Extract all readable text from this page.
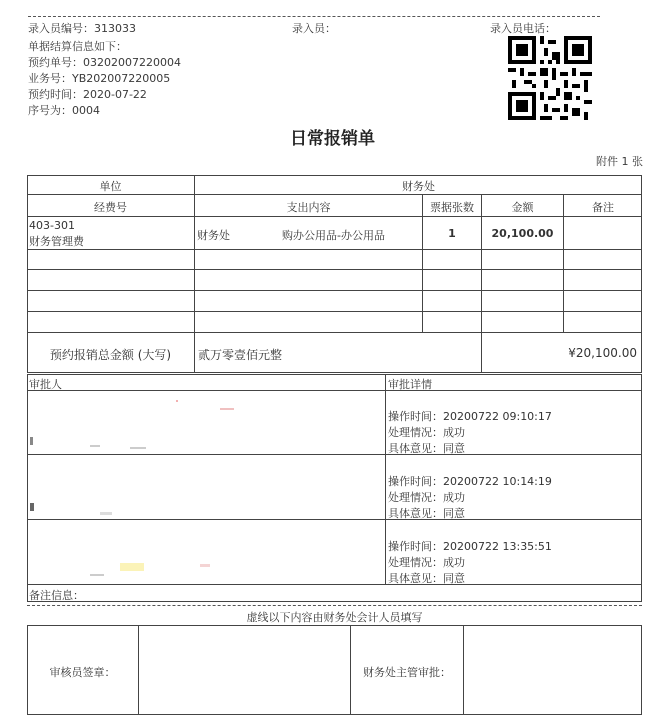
录入员编号：313033	录入员：	录入员电话：
单据结算信息如下：
预约单号：03202007220004
业务号：YB202007220005
预约时间：2020-07-22
序号为：0004
日常报销单
附件 1 张
单位	财务处
经费号	支出内容	票据张数	金额	备注
403-301
财务管理费	财务处	购办公用品-办公用品	1	20,100.00
预约报销总金额 (大写)	贰万零壹佰元整	¥20,100.00
审批人	审批详情
操作时间：20200722 09:10:17
处理情况：成功
具体意见：同意
操作时间：20200722 10:14:19
处理情况：成功
具体意见：同意
操作时间：20200722 13:35:51
处理情况：成功
具体意见：同意
备注信息：
虚线以下内容由财务处会计人员填写
审核员签章：	财务处主管审批：
